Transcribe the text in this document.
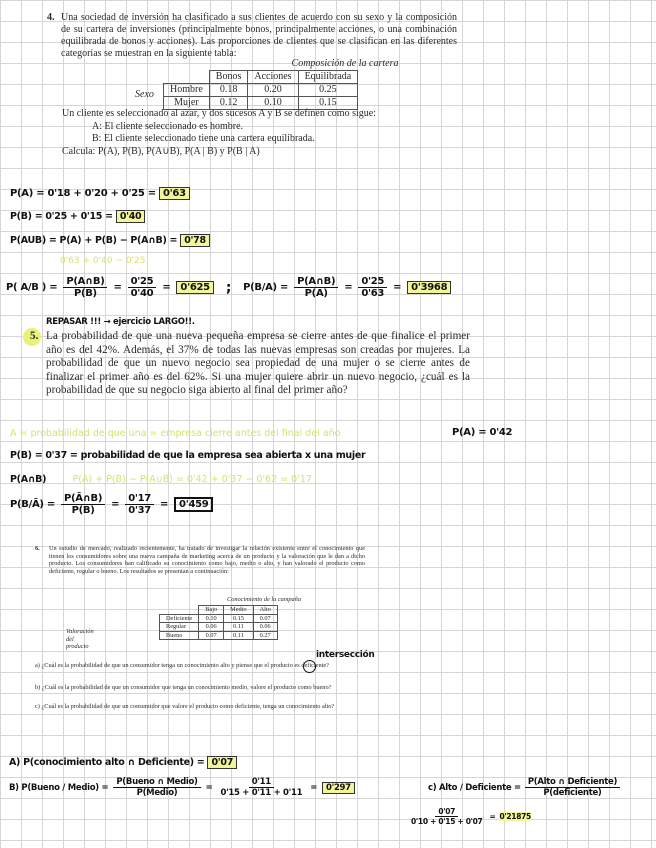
4. Una sociedad de inversión ha clasificado a sus clientes de acuerdo con su sexo y la composición de su cartera de inversiones (principalmente bonos, principalmente acciones, o una combinación equilibrada de bonos y acciones). Las proporciones de clientes que se clasifican en las diferentes categorías se muestran en la siguiente tabla:
Composición de la cartera
Sexo
	Bonos	Acciones	Equilibrada
Hombre	0.18	0.20	0.25
Mujer	0.12	0.10	0.15
Un cliente es seleccionado al azar, y dos sucesos A y B se definen como sigue:
A: El cliente seleccionado es hombre.
B: El cliente seleccionado tiene una cartera equilibrada.
Calcula: P(A), P(B), P(A∪B), P(A | B) y P(B | A)
P(A) = 0'18 + 0'20 + 0'25 = 0'63
P(B) = 0'25 + 0'15 = 0'40
P(AUB) = P(A) + P(B) − P(A∩B) = 0'78
0'63 + 0'40 − 0'25
P( A/B ) = $\frac{P(A\cap B)}{P(B)} = \frac{0'25}{0'40}$ =	0'625 ; $P(B/A) = \frac{P(A\cap B)}{P(A)} = \frac{0'25}{0'63}$ =	0'3968
REPASAR !!! → ejercicio LARGO!!.
5. La probabilidad de que una nueva pequeña empresa se cierre antes de que finalice el primer año es del 42%. Además, el 37% de todas las nuevas empresas son creadas por mujeres. La probabilidad de que un nuevo negocio sea propiedad de una mujer o se cierre antes de finalizar el primer año es del 62%. Si una mujer quiere abrir un nuevo negocio, ¿cuál es la probabilidad de que su negocio siga abierto al final del primer año?
A = probabilidad de que una = empresa cierre antes del final del año	P(A) = 0'42
P(B) = 0'37 = probabilidad de que la empresa sea abierta x una mujer
P(A∩B)	P(A) + P(B) − P(A∪B) = 0'42 + 0'37 − 0'62 = 0'17
P(B/Ā) = $\frac{P(Ā\cap B)}{P(B)} = \frac{0'17}{0'37}$ =	0'459
6. Un estudio de mercado, realizado recientemente, ha tratado de investigar la relación existente entre el conocimiento que tienen los consumidores sobre una nueva campaña de marketing acerca de un producto y la valoración que le dan a dicho producto. Los consumidores han calificado su conocimiento como bajo, medio o alto, y han valorado el producto como deficiente, regular o bueno. Los resultados se presentan a continuación:
Conocimiento de la campaña
Valoración del producto
	Bajo	Medio	Alto
Deficiente	0.10	0.15	0.07
Regular	0.06	0.11	0.06
Bueno	0.07	0.11	0.27
a) ¿Cuál es la probabilidad de que un consumidor tenga un conocimiento alto y piense que el producto es deficiente?
b) ¿Cuál es la probabilidad de que un consumidor que tenga un conocimiento medio, valore el producto como bueno?
c) ¿Cuál es la probabilidad de que un consumidor que valore el producto como deficiente, tenga un conocimiento alto?
intersección
A) P(conocimiento alto ∩ Deficiente) = 0'07
B) P(Bueno / Medio) = $\frac{\text{P(Bueno ∩ Medio)}}{\text{P(Medio)}} = \frac{0'11}{0'15 + 0'11 + 0'11}$ =	0'297	c) Alto / Deficiente = $\frac{\text{P(Alto ∩ Deficiente)}}{\text{P(deficiente)}}$
$\frac{0'07}{0'10 + 0'15 + 0'07} = 0'21875$
